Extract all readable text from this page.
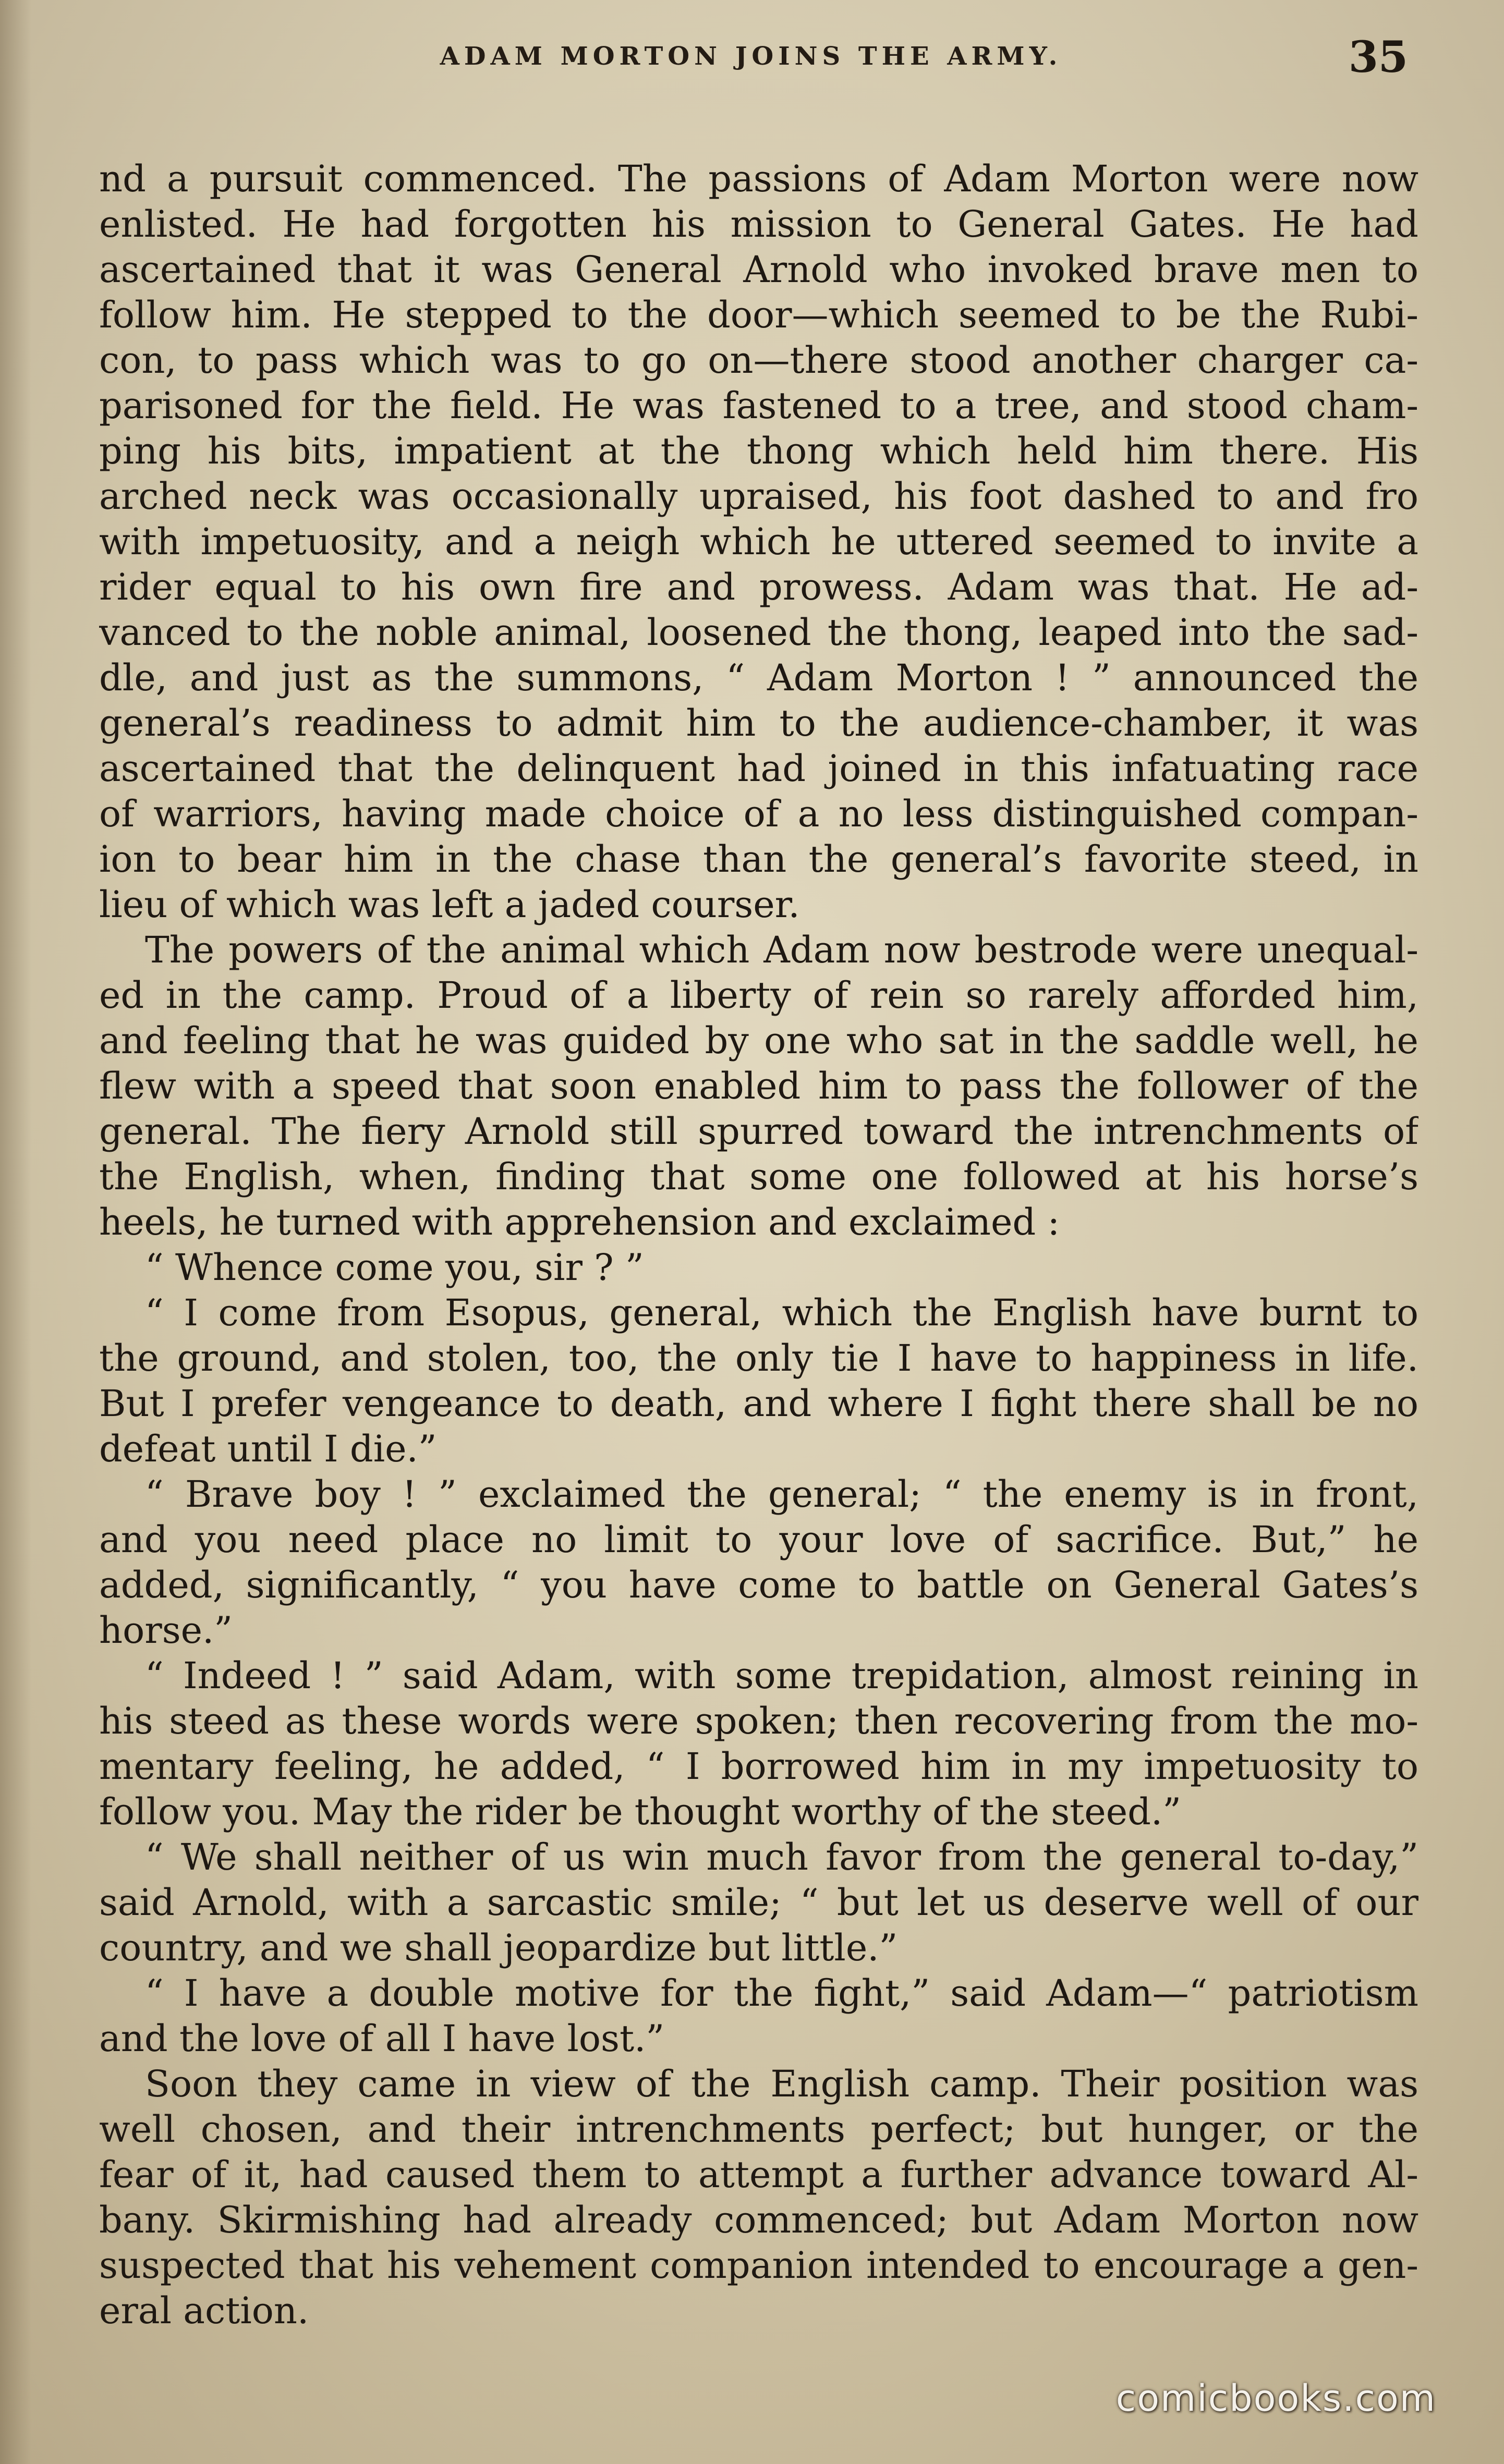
ADAM MORTON JOINS THE ARMY.	35
nd a pursuit commenced. The passions of Adam Morton were now
enlisted. He had forgotten his mission to General Gates. He had
ascertained that it was General Arnold who invoked brave men to
follow him. He stepped to the door—which seemed to be the Rubi-
con, to pass which was to go on—there stood another charger ca-
parisoned for the field. He was fastened to a tree, and stood cham-
ping his bits, impatient at the thong which held him there. His
arched neck was occasionally upraised, his foot dashed to and fro
with impetuosity, and a neigh which he uttered seemed to invite a
rider equal to his own fire and prowess. Adam was that. He ad-
vanced to the noble animal, loosened the thong, leaped into the sad-
dle, and just as the summons, “ Adam Morton ! ” announced the
general’s readiness to admit him to the audience-chamber, it was
ascertained that the delinquent had joined in this infatuating race
of warriors, having made choice of a no less distinguished compan-
ion to bear him in the chase than the general’s favorite steed, in
lieu of which was left a jaded courser.
The powers of the animal which Adam now bestrode were unequal-
ed in the camp. Proud of a liberty of rein so rarely afforded him,
and feeling that he was guided by one who sat in the saddle well, he
flew with a speed that soon enabled him to pass the follower of the
general. The fiery Arnold still spurred toward the intrenchments of
the English, when, finding that some one followed at his horse’s
heels, he turned with apprehension and exclaimed :
“ Whence come you, sir ? ”
“ I come from Esopus, general, which the English have burnt to
the ground, and stolen, too, the only tie I have to happiness in life.
But I prefer vengeance to death, and where I fight there shall be no
defeat until I die.”
“ Brave boy ! ” exclaimed the general; “ the enemy is in front,
and you need place no limit to your love of sacrifice. But,” he
added, significantly, “ you have come to battle on General Gates’s
horse.”
“ Indeed ! ” said Adam, with some trepidation, almost reining in
his steed as these words were spoken; then recovering from the mo-
mentary feeling, he added, “ I borrowed him in my impetuosity to
follow you. May the rider be thought worthy of the steed.”
“ We shall neither of us win much favor from the general to-day,”
said Arnold, with a sarcastic smile; “ but let us deserve well of our
country, and we shall jeopardize but little.”
“ I have a double motive for the fight,” said Adam—“ patriotism
and the love of all I have lost.”
Soon they came in view of the English camp. Their position was
well chosen, and their intrenchments perfect; but hunger, or the
fear of it, had caused them to attempt a further advance toward Al-
bany. Skirmishing had already commenced; but Adam Morton now
suspected that his vehement companion intended to encourage a gen-
eral action.
comicbooks.com
